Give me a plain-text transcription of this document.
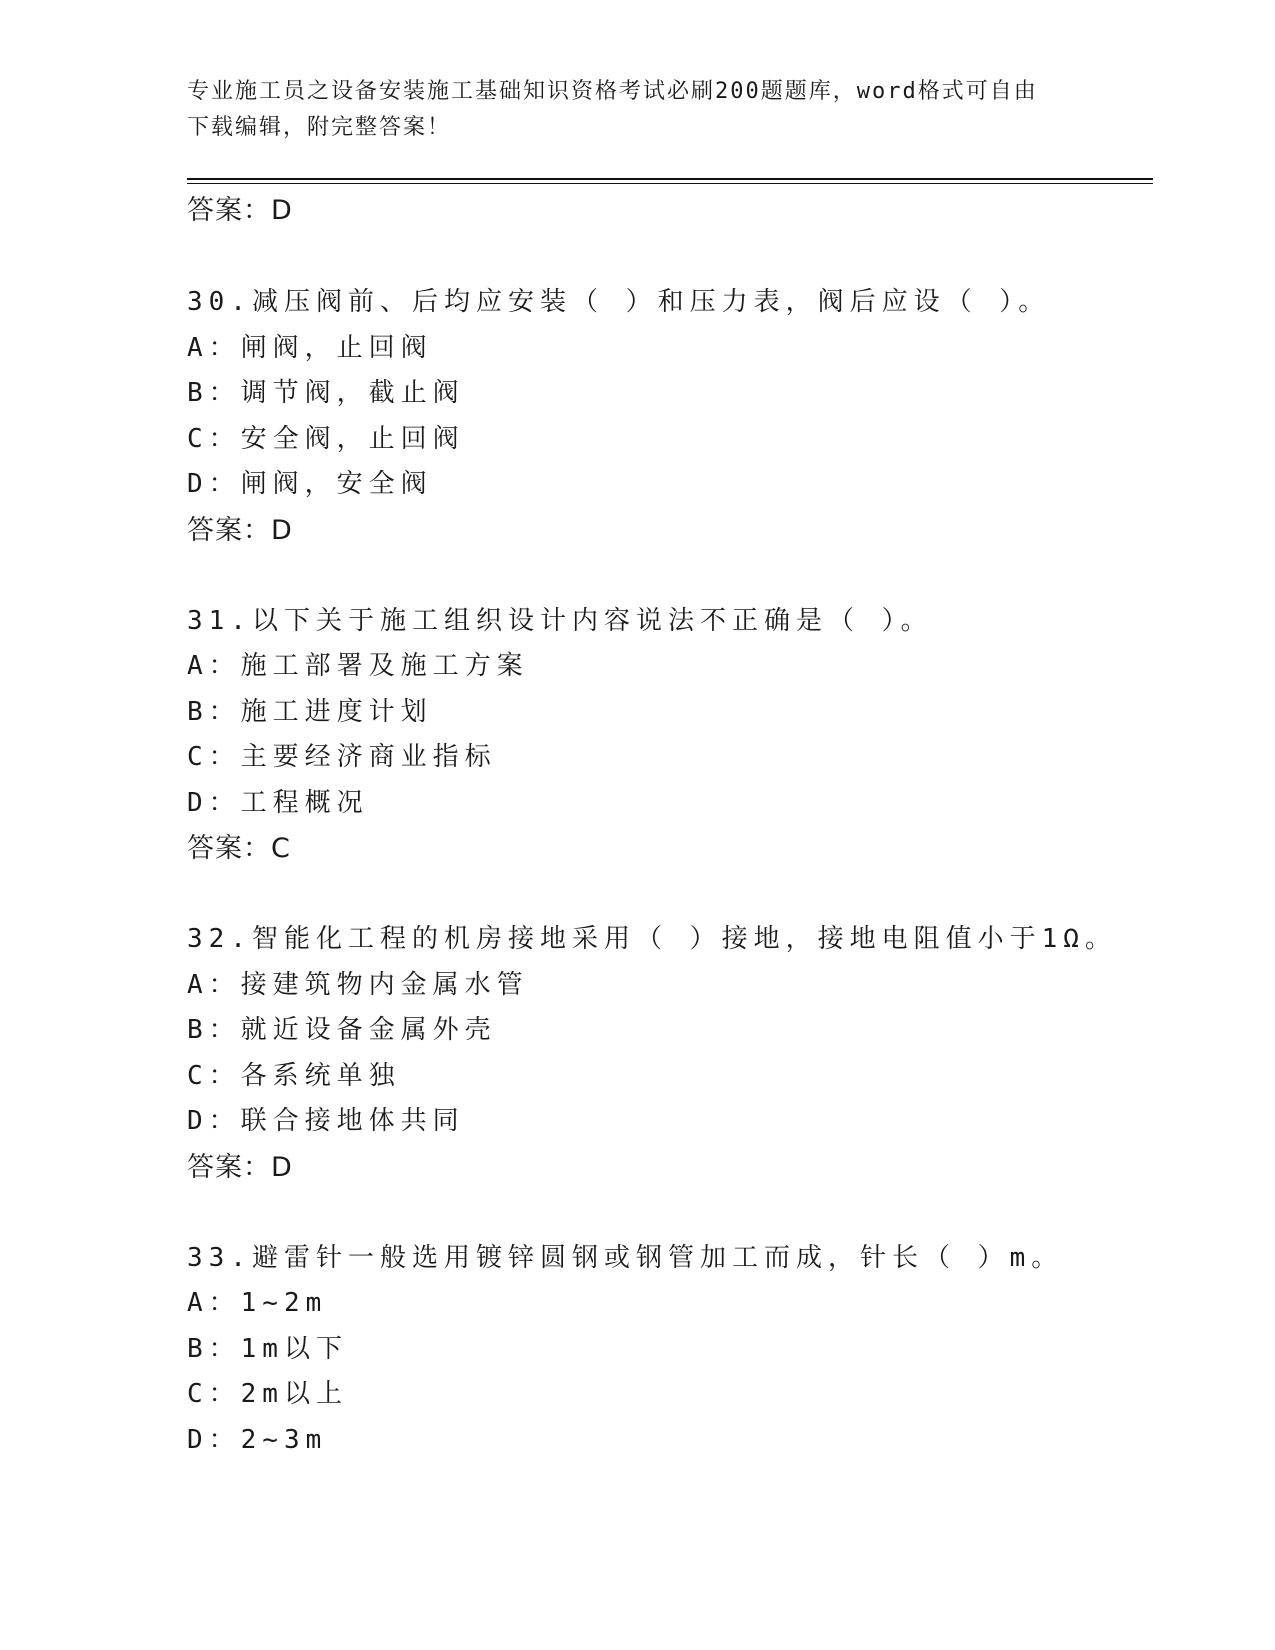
专业施工员之设备安装施工基础知识资格考试必刷200题题库，word格式可自由
下载编辑，附完整答案！
答案：D
30.减压阀前、后均应安装（ ）和压力表，阀后应设（ ）。
A：闸阀，止回阀
B：调节阀，截止阀
C：安全阀，止回阀
D：闸阀，安全阀
答案：D
31.以下关于施工组织设计内容说法不正确是（ ）。
A：施工部署及施工方案
B：施工进度计划
C：主要经济商业指标
D：工程概况
答案：C
32.智能化工程的机房接地采用（ ）接地，接地电阻值小于1Ω。
A：接建筑物内金属水管
B：就近设备金属外壳
C：各系统单独
D：联合接地体共同
答案：D
33.避雷针一般选用镀锌圆钢或钢管加工而成，针长（ ）m。
A：1~2m
B：1m以下
C：2m以上
D：2~3m
